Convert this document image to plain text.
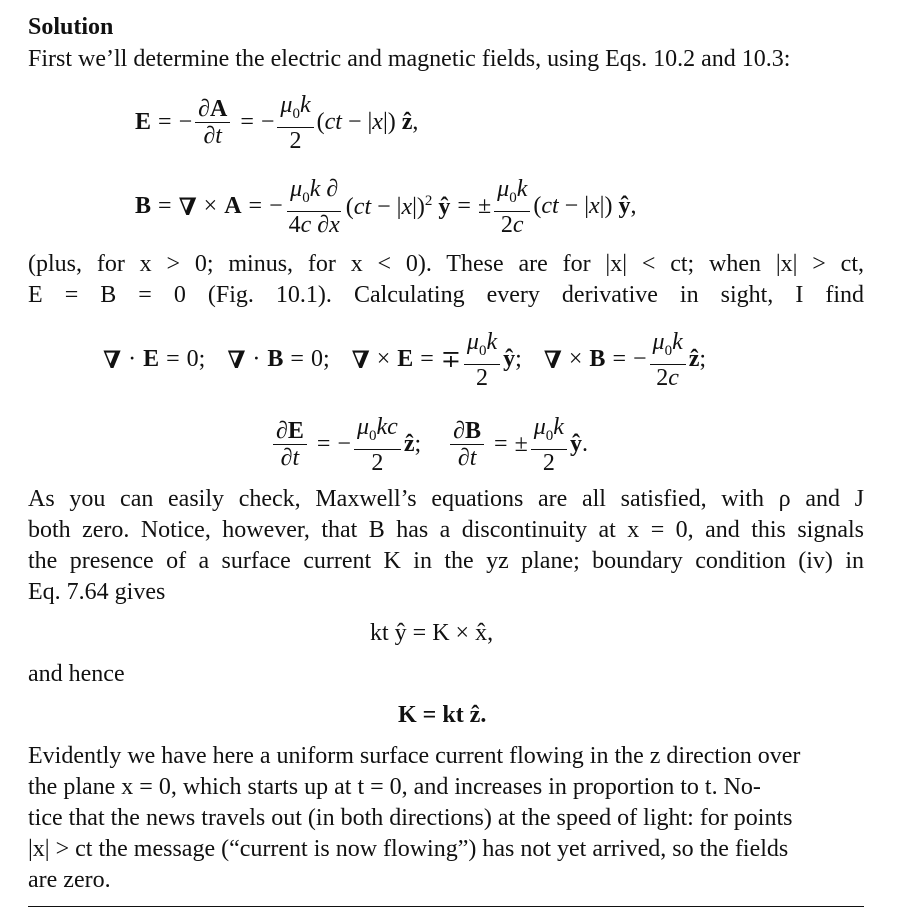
Solution
First we’ll determine the electric and magnetic fields, using Eqs. 10.2 and 10.3:
E = − $\frac{\partial A}{\partial t}$ = − $\frac{\mu_0k}{2} (ct - |x|)$ ẑ,
B = ∇ × A = − $\frac{\mu_0k \partial}{4c \partial x} (ct - |x|)^2$ ŷ = ± $\frac{\mu_0k}{2c} (ct - |x|)$ ŷ,
(plus, for x > 0; minus, for x < 0). These are for |x| < ct; when |x| > ct,
E = B = 0 (Fig. 10.1). Calculating every derivative in sight, I find
∇ · E = 0; ∇ · B = 0; ∇ × E = ∓ $\frac{\mu_0k}{2}$ ŷ; ∇ × B = − $\frac{\mu_0k}{2c}$ ẑ;
$\frac{\partial E}{\partial t}$ = − $\frac{\mu_0kc}{2}$ ẑ; $\frac{\partial B}{\partial t}$ = ± $\frac{\mu_0k}{2}$ ŷ.
As you can easily check, Maxwell’s equations are all satisfied, with ρ and J
both zero. Notice, however, that B has a discontinuity at x = 0, and this signals
the presence of a surface current K in the yz plane; boundary condition (iv) in
Eq. 7.64 gives
kt ŷ = K × x̂,
and hence
K = kt ẑ.
Evidently we have here a uniform surface current flowing in the z direction over
the plane x = 0, which starts up at t = 0, and increases in proportion to t. No-
tice that the news travels out (in both directions) at the speed of light: for points
|x| > ct the message (“current is now flowing”) has not yet arrived, so the fields
are zero.
